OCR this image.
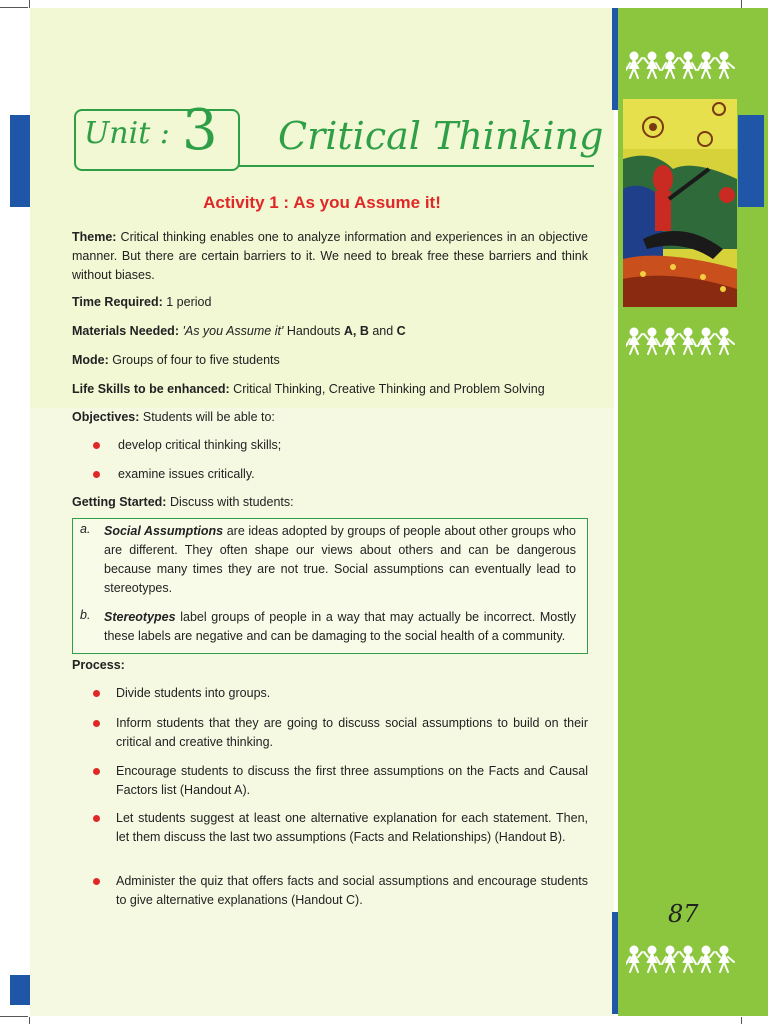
87
Unit : 3 Critical Thinking
Activity 1 : As you Assume it!
Theme: Critical thinking enables one to analyze information and experiences in an objective manner. But there are certain barriers to it. We need to break free these barriers and think without biases.
Time Required: 1 period
Materials Needed: 'As you Assume it' Handouts A, B and C
Mode: Groups of four to five students
Life Skills to be enhanced: Critical Thinking, Creative Thinking and Problem Solving
Objectives: Students will be able to:
develop critical thinking skills;
examine issues critically.
Getting Started: Discuss with students:
a. Social Assumptions are ideas adopted by groups of people about other groups who are different. They often shape our views about others and can be dangerous because many times they are not true. Social assumptions can eventually lead to stereotypes.
b. Stereotypes label groups of people in a way that may actually be incorrect. Mostly these labels are negative and can be damaging to the social health of a community.
Process:
Divide students into groups.
Inform students that they are going to discuss social assumptions to build on their critical and creative thinking.
Encourage students to discuss the first three assumptions on the Facts and Causal Factors list (Handout A).
Let students suggest at least one alternative explanation for each statement. Then, let them discuss the last two assumptions (Facts and Relationships) (Handout B).
Administer the quiz that offers facts and social assumptions and encourage students to give alternative explanations (Handout C).
